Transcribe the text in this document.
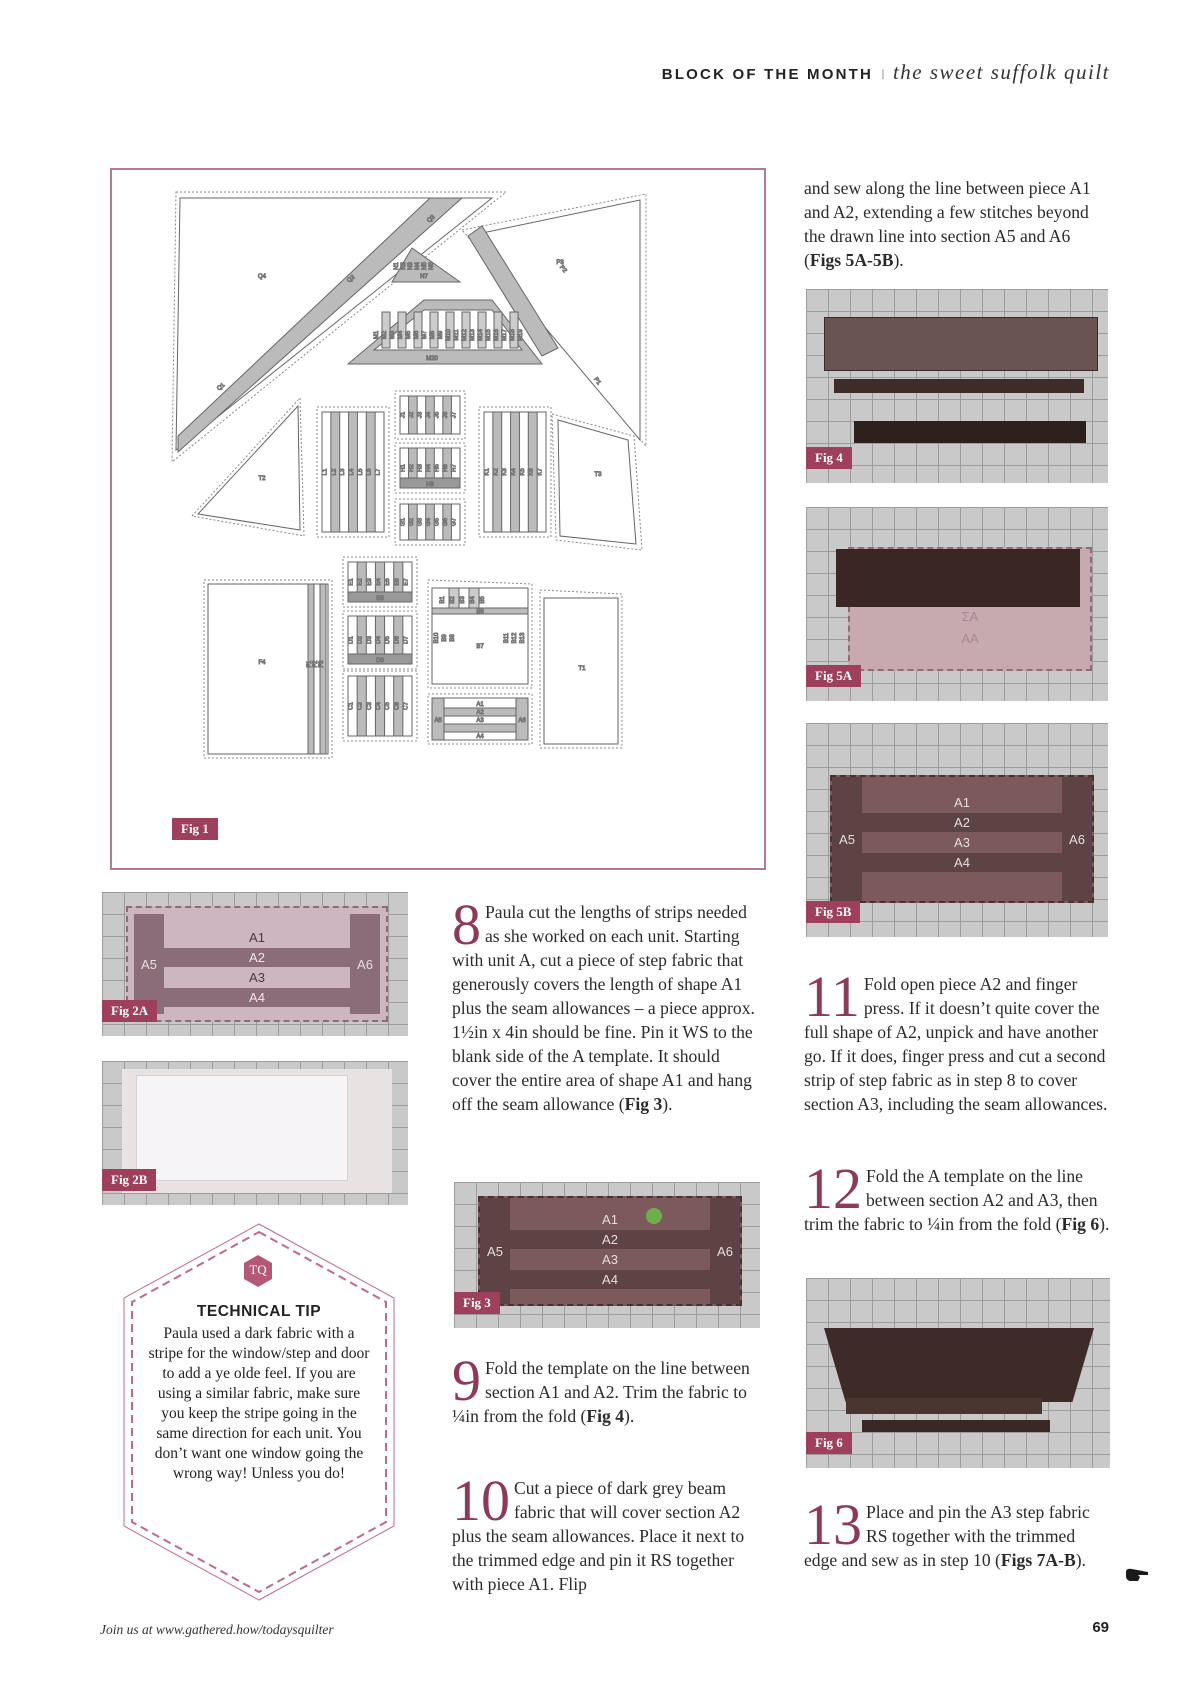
BLOCK OF THE MONTH I the sweet suffolk quilt
Q4
Q1
Q2
Q3
P2
P3
P1
N7
N1 N2 N3 N4 N5 N6
M1 M2 M3 M4 M5 M6 M7 M8 M9 M10 M11 M12 M13 M14 M15 M16 M17 M18 M19
M20
T2
T3
L1 L2 L3 L4 L5 L6 L7
J1 J2 J3 J4 J5 J6 J7
H1 H2 H3 H4 H5 H6 H7
H8
G1 G2 G3 G4 G5 G6 G7
K1 K2 K3 K4 K5 K6 K7
F4	F1 F2 F3
E1 E2 E3 E4 E5 E6 E7
E8
D1 D2 D3 D4 D5 D6 D7
D8
C1 C2 C3 C4 C5 C6 C7
B1 B2 B3 B4 B5
B6
B7
B10 B9 B8	B11 B12 B13
A1
A2
A3
A4
A5	A6
T1
Fig 1
Fig 4
ΣA
ΑΑ
Fig 5A
A5	A6
A1
A2
A3
A4
Fig 5B
A5	A6
A1
A2
A3
A4
Fig 2A
Fig 2B
A5	A6
A1
A2
A3
A4
Fig 3
Fig 6

8 Paula cut the lengths of strips needed as she worked on each unit. Starting with unit A, cut a piece of step fabric that generously covers the length of shape A1 plus the seam allowances – a piece approx. 1½in x 4in should be fine. Pin it WS to the blank side of the A template. It should cover the entire area of shape A1 and hang off the seam allowance (Fig 3).

9 Fold the template on the line between section A1 and A2. Trim the fabric to ¼in from the fold (Fig 4).

10 Cut a piece of dark grey beam fabric that will cover section A2 plus the seam allowances. Place it next to the trimmed edge and pin it RS together with piece A1. Flip

and sew along the line between piece A1 and A2, extending a few stitches beyond the drawn line into section A5 and A6 (Figs 5A-5B).

11 Fold open piece A2 and finger press. If it doesn’t quite cover the full shape of A2, unpick and have another go. If it does, finger press and cut a second strip of step fabric as in step 8 to cover section A3, including the seam allowances.

12 Fold the A template on the line between section A2 and A3, then trim the fabric to ¼in from the fold (Fig 6).

13 Place and pin the A3 step fabric RS together with the trimmed edge and sew as in step 10 (Figs 7A-B).

TQ
TECHNICAL TIP
Paula used a dark fabric with a stripe for the window/step and door to add a ye olde feel. If you are using a similar fabric, make sure you keep the stripe going in the same direction for each unit. You don’t want one window going the wrong way! Unless you do!
Join us at www.gathered.how/todaysquilter	69
